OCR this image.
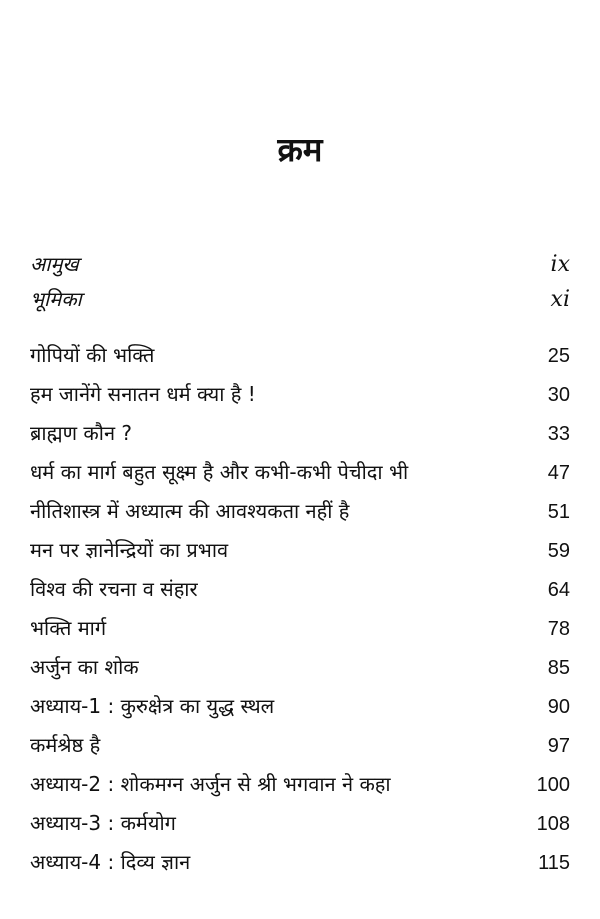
क्रम
आमुख	ix
भूमिका	xi
गोपियों की भक्ति	25
हम जानेंगे सनातन धर्म क्या है !	30
ब्राह्मण कौन ?	33
धर्म का मार्ग बहुत सूक्ष्म है और कभी-कभी पेचीदा भी	47
नीतिशास्त्र में अध्यात्म की आवश्यकता नहीं है	51
मन पर ज्ञानेन्द्रियों का प्रभाव	59
विश्व की रचना व संहार	64
भक्ति मार्ग	78
अर्जुन का शोक	85
अध्याय-1 : कुरुक्षेत्र का युद्ध स्थल	90
कर्मश्रेष्ठ है	97
अध्याय-2 : शोकमग्न अर्जुन से श्री भगवान ने कहा	100
अध्याय-3 : कर्मयोग	108
अध्याय-4 : दिव्य ज्ञान	115
